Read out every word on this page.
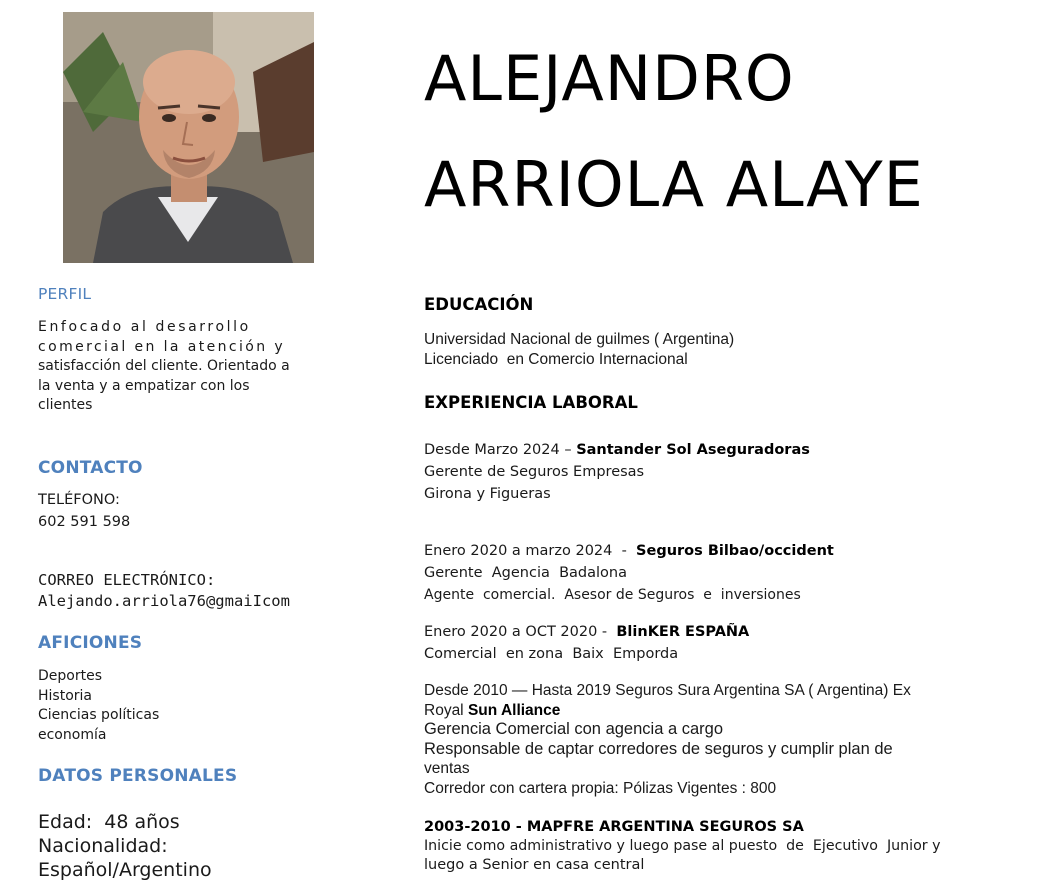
PERFIL
Enfocado al desarrollo
comercial en la atención y
satisfacción del cliente. Orientado a
la venta y a empatizar con los
clientes
CONTACTO
TELÉFONO:
602 591 598
CORREO ELECTRÓNICO:
Alejando.arriola76@gmaiIcom
AFICIONES
Deportes
Historia
Ciencias políticas
economía
DATOS PERSONALES
Edad:  48 años
Nacionalidad:
Español/Argentino
ALEJANDRO
ARRIOLA ALAYE
EDUCACIÓN
Universidad Nacional de guilmes ( Argentina)
Licenciado  en Comercio Internacional
EXPERIENCIA LABORAL
Desde Marzo 2024 – Santander Sol Aseguradoras
Gerente de Seguros Empresas
Girona y Figueras
Enero 2020 a marzo 2024  -  Seguros Bilbao/occident
Gerente  Agencia  Badalona
Agente  comercial.  Asesor de Seguros  e  inversiones
Enero 2020 a OCT 2020 -  BlinKER ESPAÑA
Comercial  en zona  Baix  Emporda
Desde 2010 — Hasta 2019 Seguros Sura Argentina SA ( Argentina) Ex
Royal Sun Alliance
Gerencia Comercial con agencia a cargo
Responsable de captar corredores de seguros y cumplir plan de
ventas
Corredor con cartera propia: Pólizas Vigentes : 800
2003-2010 - MAPFRE ARGENTINA SEGUROS SA
Inicie como administrativo y luego pase al puesto  de  Ejecutivo  Junior y
luego a Senior en casa central
